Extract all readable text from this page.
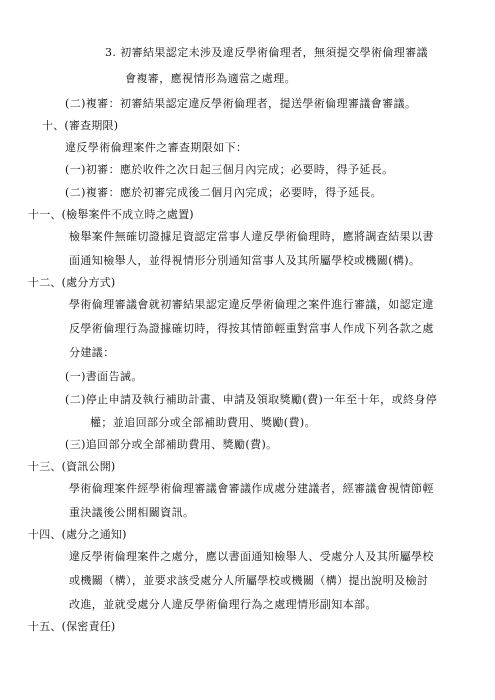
3. 初審結果認定未涉及違反學術倫理者，無須提交學術倫理審議
會複審，應視情形為適當之處理。
(二)複審：初審結果認定違反學術倫理者，提送學術倫理審議會審議。
十、(審查期限)
違反學術倫理案件之審查期限如下：
(一)初審：應於收件之次日起三個月內完成；必要時，得予延長。
(二)複審：應於初審完成後二個月內完成；必要時，得予延長。
十一、(檢舉案件不成立時之處置)
檢舉案件無確切證據足資認定當事人違反學術倫理時，應將調查結果以書
面通知檢舉人，並得視情形分別通知當事人及其所屬學校或機關(構)。
十二、(處分方式)
學術倫理審議會就初審結果認定違反學術倫理之案件進行審議，如認定違
反學術倫理行為證據確切時，得按其情節輕重對當事人作成下列各款之處
分建議：
(一)書面告誡。
(二)停止申請及執行補助計畫、申請及領取獎勵(費)一年至十年，或終身停
權；並追回部分或全部補助費用、獎勵(費)。
(三)追回部分或全部補助費用、獎勵(費)。
十三、(資訊公開)
學術倫理案件經學術倫理審議會審議作成處分建議者，經審議會視情節輕
重決議後公開相關資訊。
十四、(處分之通知)
違反學術倫理案件之處分，應以書面通知檢舉人、受處分人及其所屬學校
或機關（構），並要求該受處分人所屬學校或機關（構）提出說明及檢討
改進，並就受處分人違反學術倫理行為之處理情形副知本部。
十五、(保密責任)
